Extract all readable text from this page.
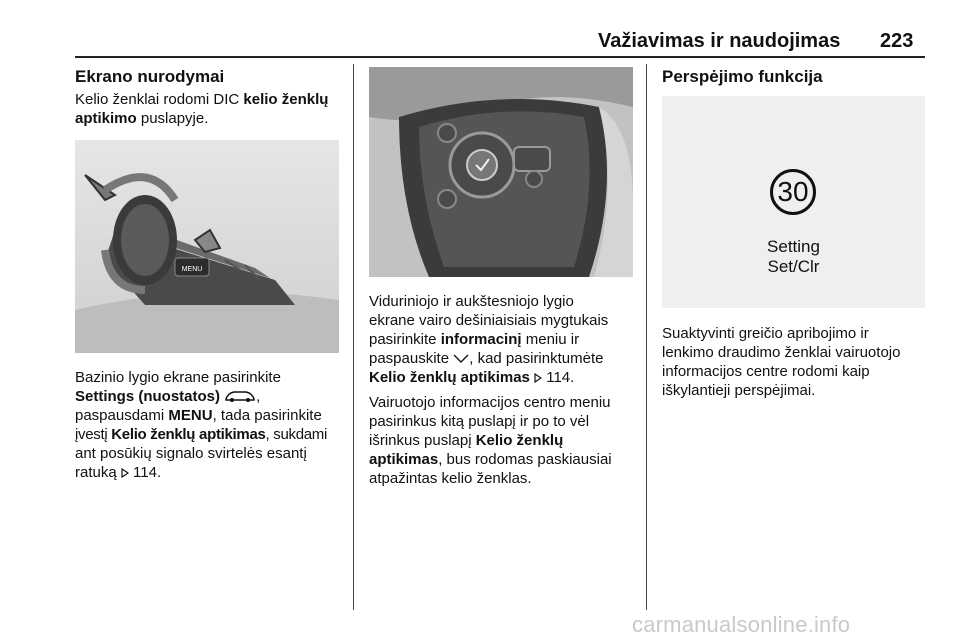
Važiavimas ir naudojimas 223
Ekrano nurodymai

Kelio ženklai rodomi DIC kelio ženklų aptikimo puslapyje.

MENU
Bazinio lygio ekrane pasirinkite
Settings (nuostatos) ,
paspausdami MENU, tada pasirinkite
įvestį Kelio ženklų aptikimas, sukdami
ant posūkių signalo svirtelės esantį
ratuką  114.
Viduriniojo ir aukštesniojo lygio
ekrane vairo dešiniaisiais mygtukais
pasirinkite informacinį meniu ir
paspauskite , kad pasirinktumėte
Kelio ženklų aptikimas 114.
Vairuotojo informacijos centro meniu
pasirinkus kitą puslapį ir po to vėl
išrinkus puslapį Kelio ženklų
aptikimas, bus rodomas paskiausiai
atpažintas kelio ženklas.
Perspėjimo funkcija
30
Setting
Set/Clr
Suaktyvinti greičio apribojimo ir
lenkimo draudimo ženklai vairuotojo
informacijos centre rodomi kaip
iškylantieji perspėjimai.
carmanualsonline.info
